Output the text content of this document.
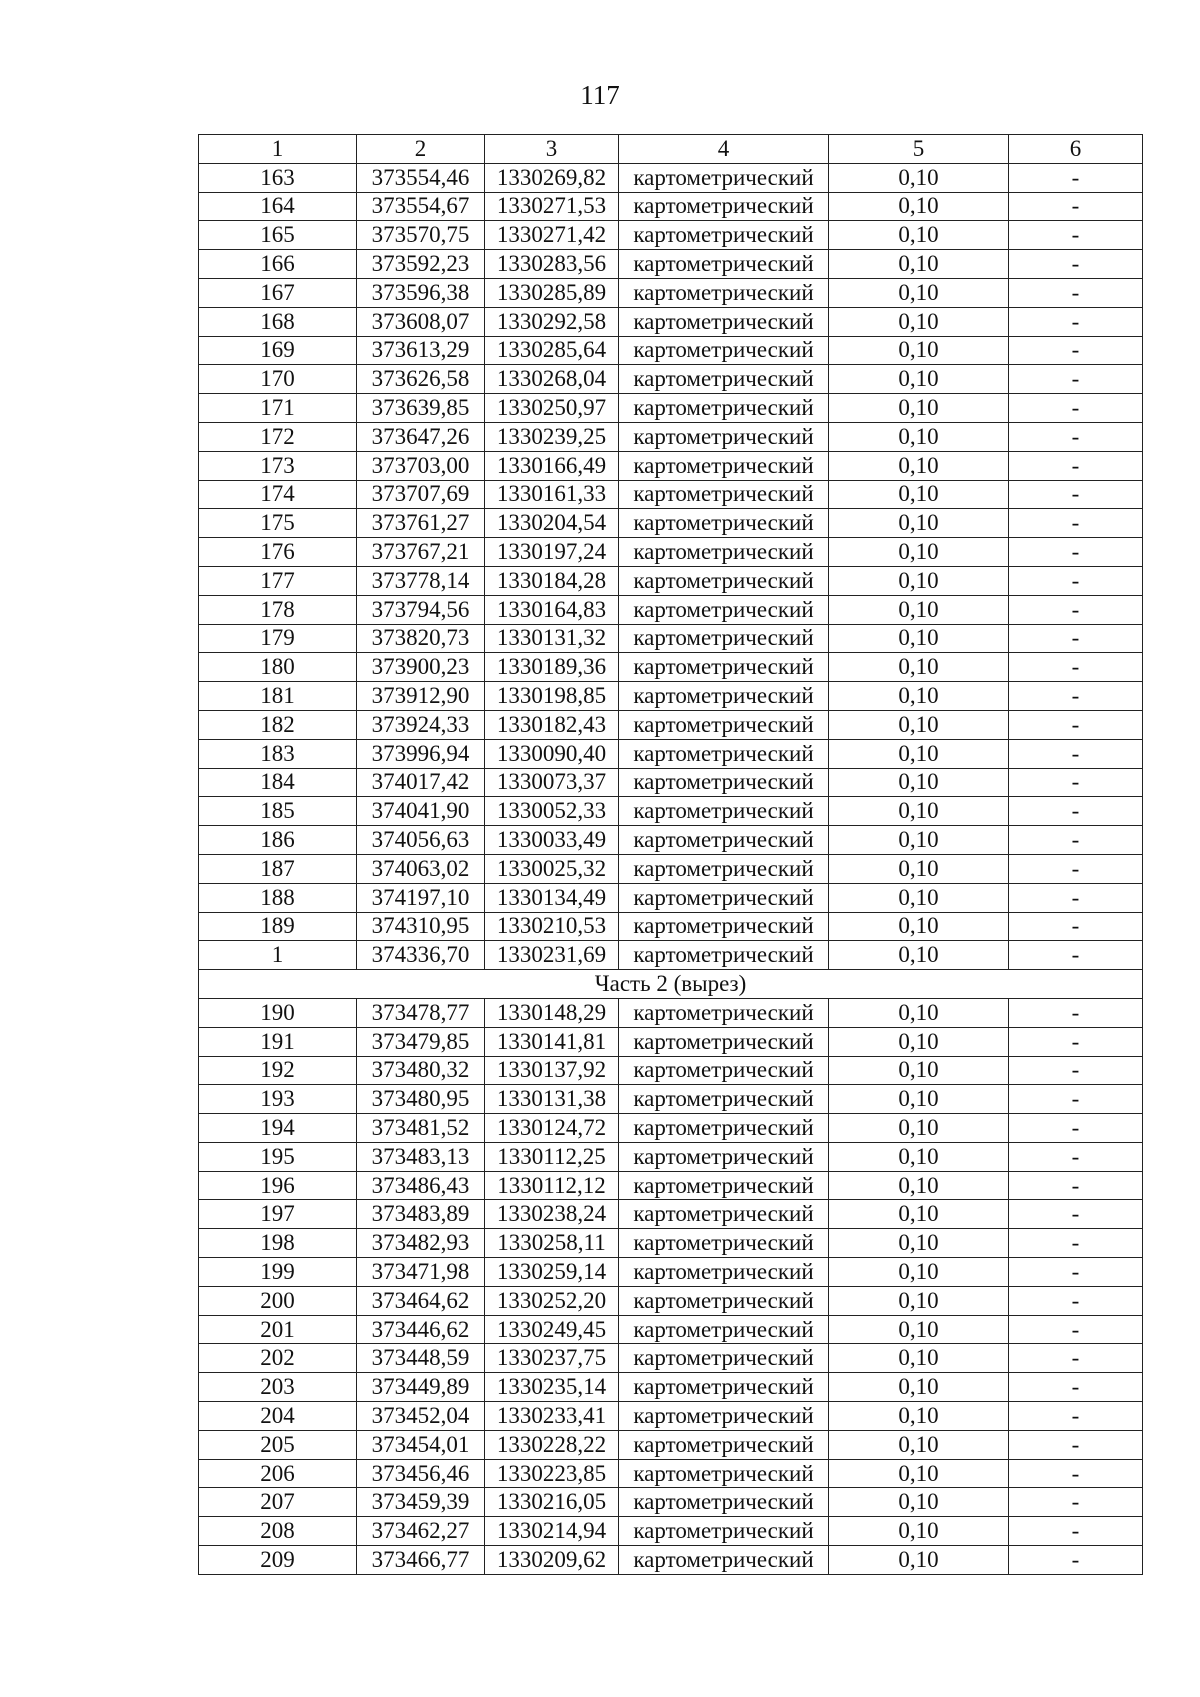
117
1	2	3	4	5	6
163	373554,46	1330269,82	картометрический	0,10	-
164	373554,67	1330271,53	картометрический	0,10	-
165	373570,75	1330271,42	картометрический	0,10	-
166	373592,23	1330283,56	картометрический	0,10	-
167	373596,38	1330285,89	картометрический	0,10	-
168	373608,07	1330292,58	картометрический	0,10	-
169	373613,29	1330285,64	картометрический	0,10	-
170	373626,58	1330268,04	картометрический	0,10	-
171	373639,85	1330250,97	картометрический	0,10	-
172	373647,26	1330239,25	картометрический	0,10	-
173	373703,00	1330166,49	картометрический	0,10	-
174	373707,69	1330161,33	картометрический	0,10	-
175	373761,27	1330204,54	картометрический	0,10	-
176	373767,21	1330197,24	картометрический	0,10	-
177	373778,14	1330184,28	картометрический	0,10	-
178	373794,56	1330164,83	картометрический	0,10	-
179	373820,73	1330131,32	картометрический	0,10	-
180	373900,23	1330189,36	картометрический	0,10	-
181	373912,90	1330198,85	картометрический	0,10	-
182	373924,33	1330182,43	картометрический	0,10	-
183	373996,94	1330090,40	картометрический	0,10	-
184	374017,42	1330073,37	картометрический	0,10	-
185	374041,90	1330052,33	картометрический	0,10	-
186	374056,63	1330033,49	картометрический	0,10	-
187	374063,02	1330025,32	картометрический	0,10	-
188	374197,10	1330134,49	картометрический	0,10	-
189	374310,95	1330210,53	картометрический	0,10	-
1	374336,70	1330231,69	картометрический	0,10	-
Часть 2 (вырез)					
190	373478,77	1330148,29	картометрический	0,10	-
191	373479,85	1330141,81	картометрический	0,10	-
192	373480,32	1330137,92	картометрический	0,10	-
193	373480,95	1330131,38	картометрический	0,10	-
194	373481,52	1330124,72	картометрический	0,10	-
195	373483,13	1330112,25	картометрический	0,10	-
196	373486,43	1330112,12	картометрический	0,10	-
197	373483,89	1330238,24	картометрический	0,10	-
198	373482,93	1330258,11	картометрический	0,10	-
199	373471,98	1330259,14	картометрический	0,10	-
200	373464,62	1330252,20	картометрический	0,10	-
201	373446,62	1330249,45	картометрический	0,10	-
202	373448,59	1330237,75	картометрический	0,10	-
203	373449,89	1330235,14	картометрический	0,10	-
204	373452,04	1330233,41	картометрический	0,10	-
205	373454,01	1330228,22	картометрический	0,10	-
206	373456,46	1330223,85	картометрический	0,10	-
207	373459,39	1330216,05	картометрический	0,10	-
208	373462,27	1330214,94	картометрический	0,10	-
209	373466,77	1330209,62	картометрический	0,10	-
